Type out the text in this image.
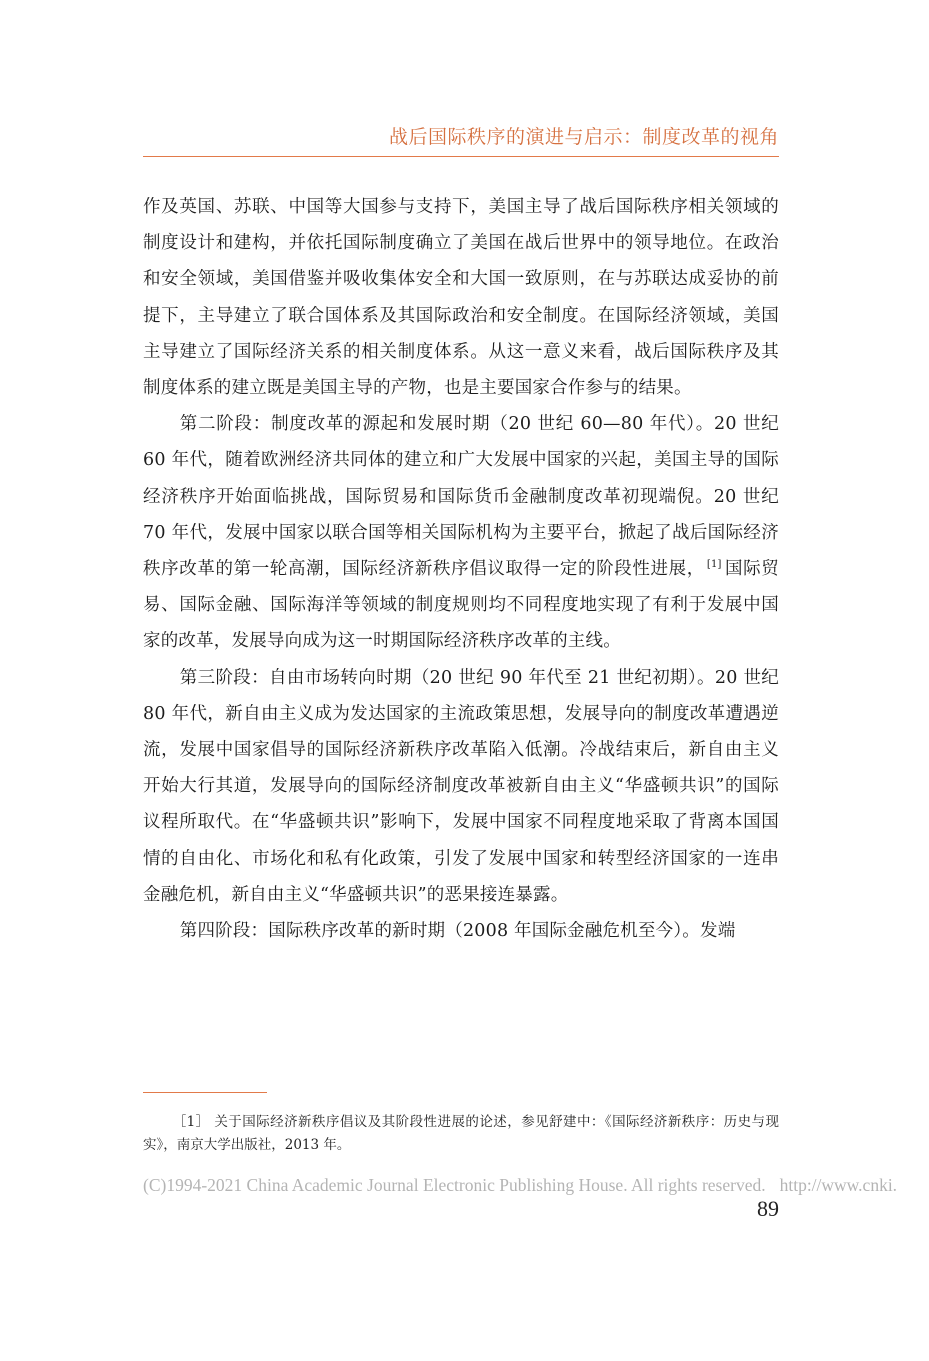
战后国际秩序的演进与启示：制度改革的视角

作及英国、苏联、中国等大国参与支持下，美国主导了战后国际秩序相关领域的制度设计和建构，并依托国际制度确立了美国在战后世界中的领导地位。在政治和安全领域，美国借鉴并吸收集体安全和大国一致原则，在与苏联达成妥协的前提下，主导建立了联合国体系及其国际政治和安全制度。在国际经济领域，美国主导建立了国际经济关系的相关制度体系。从这一意义来看，战后国际秩序及其制度体系的建立既是美国主导的产物，也是主要国家合作参与的结果。

第二阶段：制度改革的源起和发展时期（20 世纪 60—80 年代）。20 世纪 60 年代，随着欧洲经济共同体的建立和广大发展中国家的兴起，美国主导的国际经济秩序开始面临挑战，国际贸易和国际货币金融制度改革初现端倪。20 世纪 70 年代，发展中国家以联合国等相关国际机构为主要平台，掀起了战后国际经济秩序改革的第一轮高潮，国际经济新秩序倡议取得一定的阶段性进展， [1] 国际贸易、国际金融、国际海洋等领域的制度规则均不同程度地实现了有利于发展中国家的改革，发展导向成为这一时期国际经济秩序改革的主线。

第三阶段：自由市场转向时期（20 世纪 90 年代至 21 世纪初期）。20 世纪 80 年代，新自由主义成为发达国家的主流政策思想，发展导向的制度改革遭遇逆流，发展中国家倡导的国际经济新秩序改革陷入低潮。冷战结束后，新自由主义开始大行其道，发展导向的国际经济制度改革被新自由主义“华盛顿共识”的国际议程所取代。在“华盛顿共识”影响下，发展中国家不同程度地采取了背离本国国情的自由化、市场化和私有化政策，引发了发展中国家和转型经济国家的一连串金融危机，新自由主义“华盛顿共识”的恶果接连暴露。

第四阶段：国际秩序改革的新时期（2008 年国际金融危机至今）。发端

［1］ 关于国际经济新秩序倡议及其阶段性进展的论述，参见舒建中：《国际经济新秩序：历史与现实》，南京大学出版社，2013 年。
(C)1994-2021 China Academic Journal Electronic Publishing House. All rights reserved. http://www.cnki.
89
